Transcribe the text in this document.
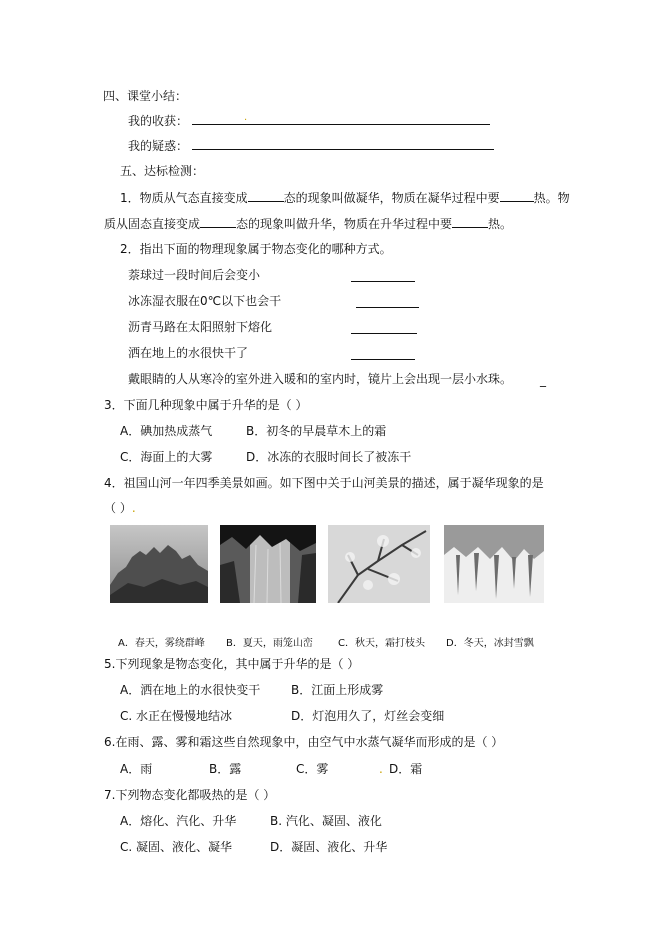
四、课堂小结：
我的收获：	.
我的疑惑：
五、达标检测：
1．物质从气态直接变成	态的现象叫做凝华，物质在凝华过程中要	热。物
质从固态直接变成	态的现象叫做升华，物质在升华过程中要	热。
2．指出下面的物理现象属于物态变化的哪种方式。
萘球过一段时间后会变小
冰冻湿衣服在0℃以下也会干
沥青马路在太阳照射下熔化
洒在地上的水很快干了
戴眼睛的人从寒冷的室外进入暖和的室内时，镜片上会出现一层小水珠。 _
3．下面几种现象中属于升华的是（ ）
A．碘加热成蒸气	B．初冬的早晨草木上的霜
C．海面上的大雾	D．冰冻的衣服时间长了被冻干
4．祖国山河一年四季美景如画。如下图中关于山河美景的描述，属于凝华现象的是
（ ）.
A．春天，雾绕群峰 B．夏天，雨笼山峦	C．秋天，霜打枝头 D．冬天，冰封雪飘
5.下列现象是物态变化，其中属于升华的是（ ）
A．洒在地上的水很快变干	B．江面上形成雾
C. 水正在慢慢地结冰	D．灯泡用久了，灯丝会变细
6.在雨、露、雾和霜这些自然现象中，由空气中水蒸气凝华而形成的是（ ）
A．雨	B．露	C．雾	. D．霜
7.下列物态变化都吸热的是（ ）
A．熔化、汽化、升华	B. 汽化、凝固、液化
C. 凝固、液化、凝华	D．凝固、液化、升华
